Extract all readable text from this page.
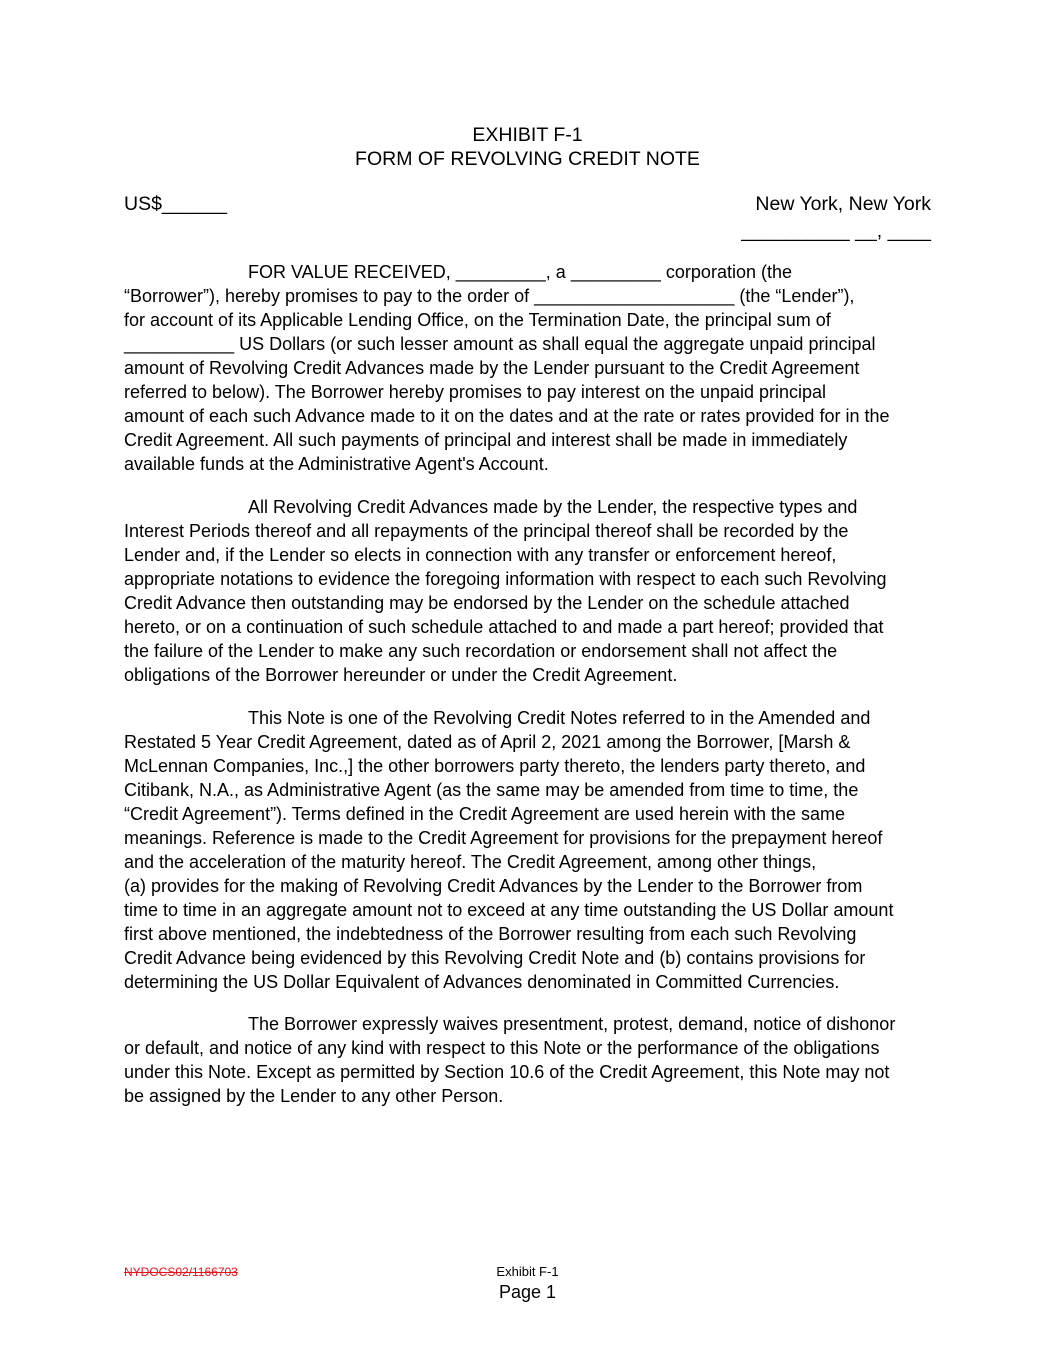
EXHIBIT F-1
FORM OF REVOLVING CREDIT NOTE
US$______	New York, New York
__________ __, ____
FOR VALUE RECEIVED, _________, a _________ corporation (the
“Borrower”), hereby promises to pay to the order of ____________________ (the “Lender”),
for account of its Applicable Lending Office, on the Termination Date, the principal sum of
___________ US Dollars (or such lesser amount as shall equal the aggregate unpaid principal
amount of Revolving Credit Advances made by the Lender pursuant to the Credit Agreement
referred to below). The Borrower hereby promises to pay interest on the unpaid principal
amount of each such Advance made to it on the dates and at the rate or rates provided for in the
Credit Agreement. All such payments of principal and interest shall be made in immediately
available funds at the Administrative Agent's Account.
All Revolving Credit Advances made by the Lender, the respective types and
Interest Periods thereof and all repayments of the principal thereof shall be recorded by the
Lender and, if the Lender so elects in connection with any transfer or enforcement hereof,
appropriate notations to evidence the foregoing information with respect to each such Revolving
Credit Advance then outstanding may be endorsed by the Lender on the schedule attached
hereto, or on a continuation of such schedule attached to and made a part hereof; provided that
the failure of the Lender to make any such recordation or endorsement shall not affect the
obligations of the Borrower hereunder or under the Credit Agreement.
This Note is one of the Revolving Credit Notes referred to in the Amended and
Restated 5 Year Credit Agreement, dated as of April 2, 2021 among the Borrower, [Marsh &
McLennan Companies, Inc.,] the other borrowers party thereto, the lenders party thereto, and
Citibank, N.A., as Administrative Agent (as the same may be amended from time to time, the
“Credit Agreement”). Terms defined in the Credit Agreement are used herein with the same
meanings. Reference is made to the Credit Agreement for provisions for the prepayment hereof
and the acceleration of the maturity hereof. The Credit Agreement, among other things,
(a) provides for the making of Revolving Credit Advances by the Lender to the Borrower from
time to time in an aggregate amount not to exceed at any time outstanding the US Dollar amount
first above mentioned, the indebtedness of the Borrower resulting from each such Revolving
Credit Advance being evidenced by this Revolving Credit Note and (b) contains provisions for
determining the US Dollar Equivalent of Advances denominated in Committed Currencies.
The Borrower expressly waives presentment, protest, demand, notice of dishonor
or default, and notice of any kind with respect to this Note or the performance of the obligations
under this Note. Except as permitted by Section 10.6 of the Credit Agreement, this Note may not
be assigned by the Lender to any other Person.
NYDOCS02/1166703	Exhibit F-1
Page 1
